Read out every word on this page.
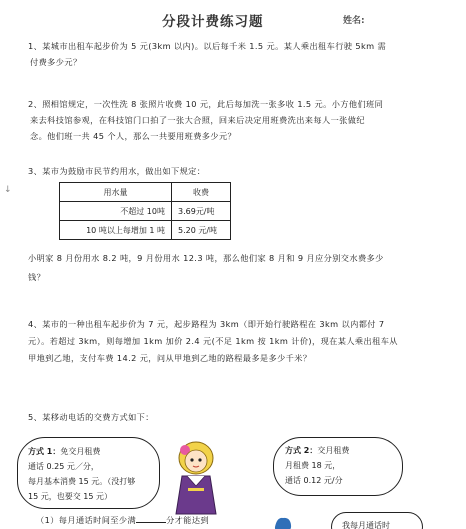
分段计费练习题	姓名:
1、某城市出租车起步价为 5 元(3km 以内)。以后每千米 1.5 元。某人乘出租车行驶 5km 需
付费多少元？
2、照相馆规定，一次性洗 8 张照片收费 10 元，此后每加洗一张多收 1.5 元。小方他们班同
来去科技馆参观，在科技馆门口拍了一张大合照，回来后决定用班费洗出来每人一张做纪
念。他们班一共 45 个人，那么一共要用班费多少元？
↓
3、某市为鼓励市民节约用水，做出如下规定：
用水量	收费
不超过 10吨	3.69元/吨
10 吨以上每增加 1 吨	5.20 元/吨
小明家 8 月份用水 8.2 吨，9 月份用水 12.3 吨，那么他们家 8 月和 9 月应分别交水费多少
钱？
4、某市的一种出租车起步价为 7 元，起步路程为 3km（即开始行驶路程在 3km 以内都付 7
元）。若超过 3km，则每增加 1km 加价 2.4 元(不足 1km 按 1km 计价)，现在某人乘出租车从
甲地到乙地，支付车费 14.2 元，问从甲地到乙地的路程最多是多少千米？
5、某移动电话的交费方式如下：
方式 1：免交月租费
通话 0.25 元／分，
每月基本消费 15 元。（没打够
15 元，也要交 15 元）
方式 2：交月租费
月租费 18 元，
通话 0.12 元/分
（1）每月通话时间至少满	分才能达到
我每月通话时
